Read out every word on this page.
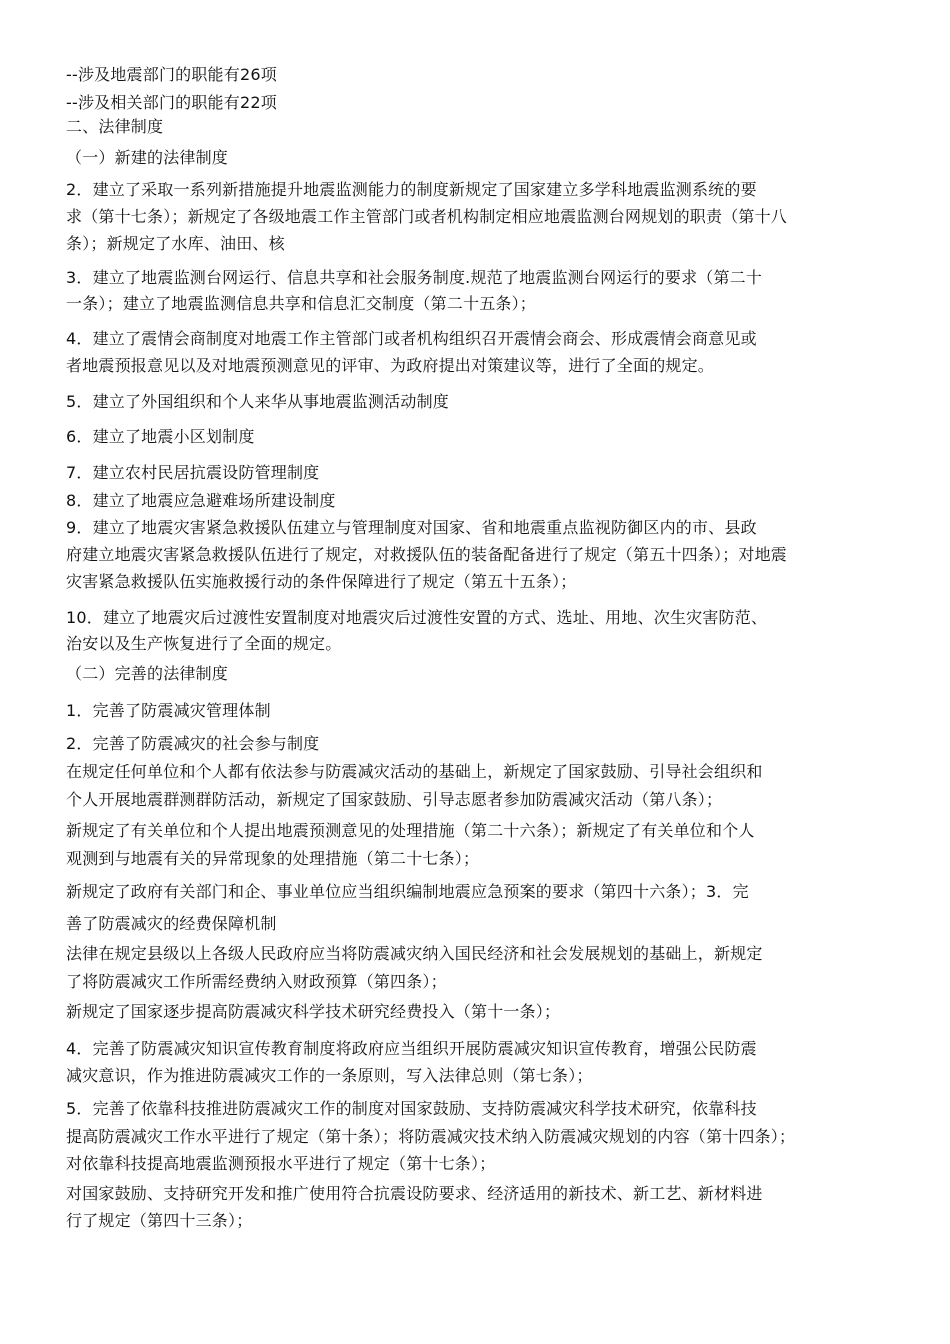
--涉及地震部门的职能有26项
--涉及相关部门的职能有22项
二、法律制度
（一）新建的法律制度
2．建立了采取一系列新措施提升地震监测能力的制度新规定了国家建立多学科地震监测系统的要
求（第十七条）；新规定了各级地震工作主管部门或者机构制定相应地震监测台网规划的职责（第十八
条）；新规定了水库、油田、核
3．建立了地震监测台网运行、信息共享和社会服务制度.规范了地震监测台网运行的要求（第二十
一条）；建立了地震监测信息共享和信息汇交制度（第二十五条）；
4．建立了震情会商制度对地震工作主管部门或者机构组织召开震情会商会、形成震情会商意见或
者地震预报意见以及对地震预测意见的评审、为政府提出对策建议等，进行了全面的规定。
5．建立了外国组织和个人来华从事地震监测活动制度
6．建立了地震小区划制度
7．建立农村民居抗震设防管理制度
8．建立了地震应急避难场所建设制度
9．建立了地震灾害紧急救援队伍建立与管理制度对国家、省和地震重点监视防御区内的市、县政
府建立地震灾害紧急救援队伍进行了规定，对救援队伍的装备配备进行了规定（第五十四条）；对地震
灾害紧急救援队伍实施救援行动的条件保障进行了规定（第五十五条）；
10．建立了地震灾后过渡性安置制度对地震灾后过渡性安置的方式、选址、用地、次生灾害防范、
治安以及生产恢复进行了全面的规定。
（二）完善的法律制度
1．完善了防震减灾管理体制
2．完善了防震减灾的社会参与制度
在规定任何单位和个人都有依法参与防震减灾活动的基础上，新规定了国家鼓励、引导社会组织和
个人开展地震群测群防活动，新规定了国家鼓励、引导志愿者参加防震减灾活动（第八条）；
新规定了有关单位和个人提出地震预测意见的处理措施（第二十六条）；新规定了有关单位和个人
观测到与地震有关的异常现象的处理措施（第二十七条）；
新规定了政府有关部门和企、事业单位应当组织编制地震应急预案的要求（第四十六条）；3．完
善了防震减灾的经费保障机制
法律在规定县级以上各级人民政府应当将防震减灾纳入国民经济和社会发展规划的基础上，新规定
了将防震减灾工作所需经费纳入财政预算（第四条）；
新规定了国家逐步提高防震减灾科学技术研究经费投入（第十一条）；
4．完善了防震减灾知识宣传教育制度将政府应当组织开展防震减灾知识宣传教育，增强公民防震
减灾意识，作为推进防震减灾工作的一条原则，写入法律总则（第七条）；
5．完善了依靠科技推进防震减灾工作的制度对国家鼓励、支持防震减灾科学技术研究，依靠科技
提高防震减灾工作水平进行了规定（第十条）；将防震减灾技术纳入防震减灾规划的内容（第十四条）；
对依靠科技提高地震监测预报水平进行了规定（第十七条）；
对国家鼓励、支持研究开发和推广使用符合抗震设防要求、经济适用的新技术、新工艺、新材料进
行了规定（第四十三条）；
